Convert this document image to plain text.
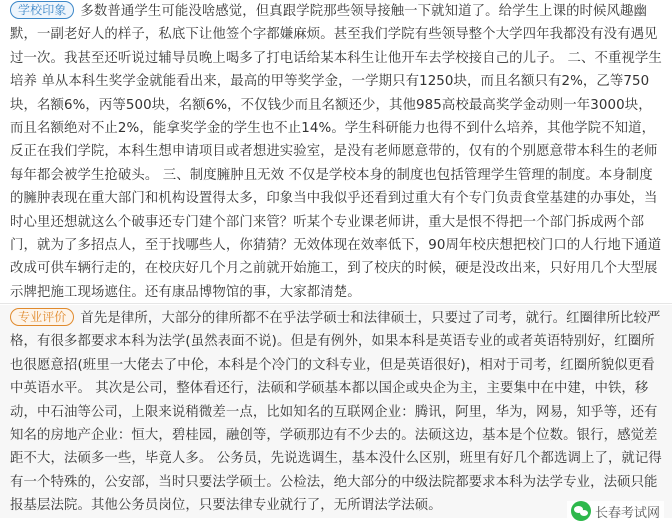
学校印象 多数普通学生可能没啥感觉，但真跟学院那些领导接触一下就知道了。给学生上课的时候风趣幽默，一副老好人的样子，私底下让他签个字都嫌麻烦。甚至我们学院有些领导整个大学四年我都没有没有遇见过一次。我甚至还听说过辅导员晚上喝多了打电话给某本科生让他开车去学校接自己的儿子。 二、不重视学生培养 单从本科生奖学金就能看出来，最高的甲等奖学金，一学期只有1250块，而且名额只有2%，乙等750块，名额6%，丙等500块，名额6%，不仅钱少而且名额还少，其他985高校最高奖学金动则一年3000块，而且名额绝对不止2%，能拿奖学金的学生也不止14%。学生科研能力也得不到什么培养，其他学院不知道，反正在我们学院，本科生想申请项目或者想进实验室，是没有老师愿意带的，仅有的个别愿意带本科生的老师每年都会被学生抢破头。 三、制度臃肿且无效 不仅是学校本身的制度也包括管理学生管理的制度。本身制度的臃肿表现在重大部门和机构设置得太多，印象当中我似乎还看到过重大有个专门负责食堂基建的办事处，当时心里还想就这么个破事还专门建个部门来管？听某个专业课老师讲，重大是恨不得把一个部门拆成两个部门，就为了多招点人，至于找哪些人，你猜猜？无效体现在效率低下，90周年校庆想把校门口的人行地下通道改成可供车辆行走的，在校庆好几个月之前就开始施工，到了校庆的时候，硬是没改出来，只好用几个大型展示牌把施工现场遮住。还有康品博物馆的事，大家都清楚。
专业评价 首先是律所，大部分的律所都不在乎法学硕士和法律硕士，只要过了司考，就行。红圈律所比较严格，有很多都要求本科为法学(虽然表面不说)。但是有例外，如果本科是英语专业的或者英语特别好，红圈所也很愿意招(班里一大佬去了中伦，本科是个冷门的文科专业，但是英语很好)，相对于司考，红圈所貌似更看中英语水平。 其次是公司，整体看还行，法硕和学硕基本都以国企或央企为主，主要集中在中建，中铁，移动，中石油等公司，上限来说稍微差一点，比如知名的互联网企业：腾讯，阿里，华为，网易，知乎等，还有知名的房地产企业：恒大，碧桂园，融创等，学硕那边有不少去的。法硕这边，基本是个位数。银行，感觉差距不大，法硕多一些，毕竟人多。 公务员，先说选调生，基本没什么区别，班里有好几个都选调上了，就记得有一个特殊的，公安部，当时只要法学硕士。公检法，绝大部分的中级法院都要求本科为法学专业，法硕只能报基层法院。其他公务员岗位，只要法律专业就行了，无所谓法学法硕。	长春考试网
